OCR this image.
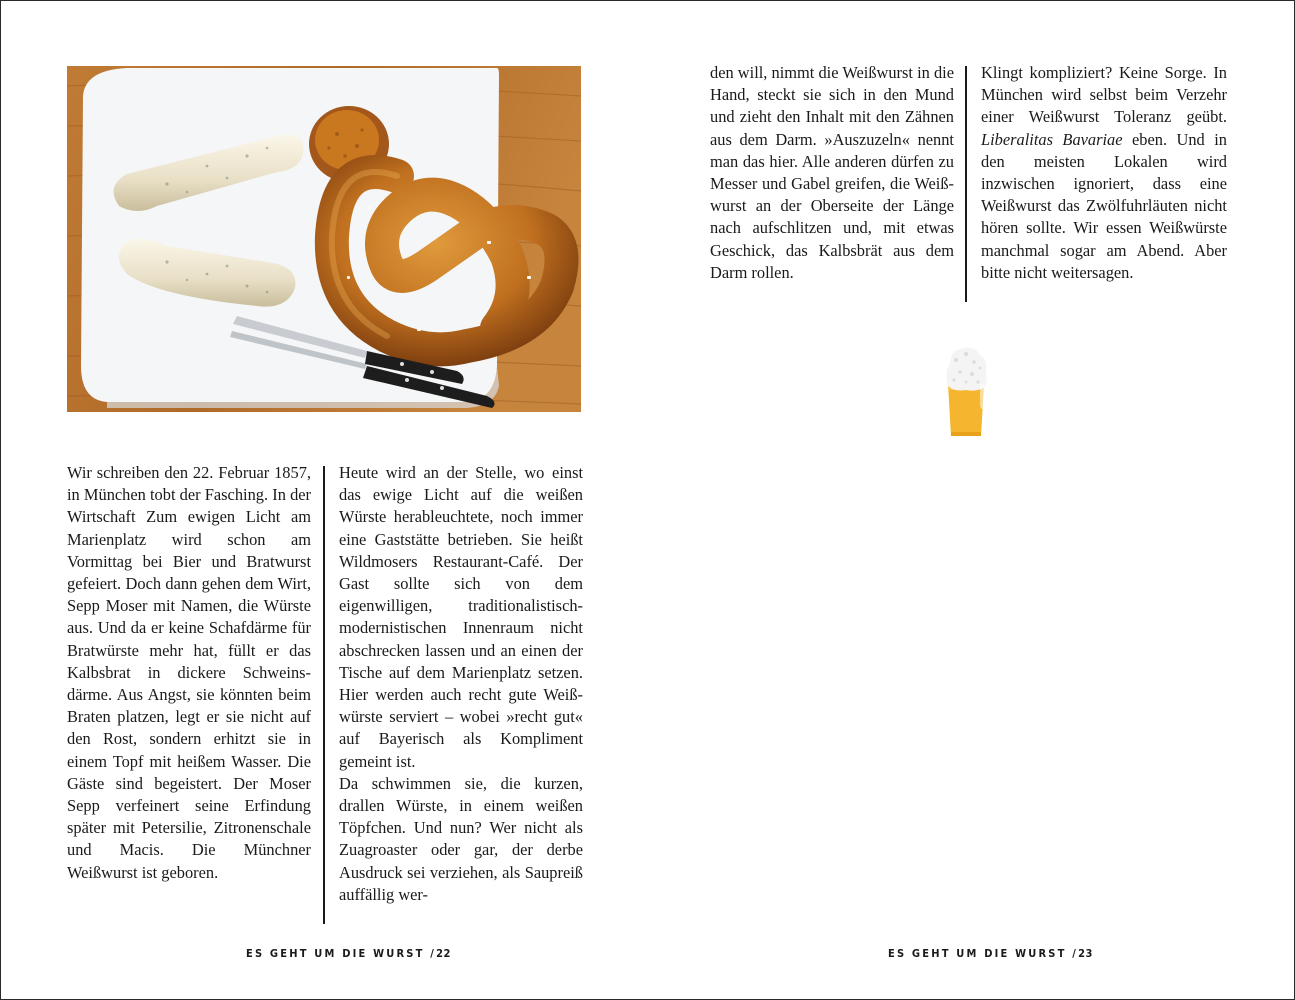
Wir schreiben den 22. Februar 1857, in München tobt der Fasching. In der Wirtschaft Zum ewigen Licht am Marienplatz wird schon am Vormittag bei Bier und Bratwurst gefeiert. Doch dann gehen dem Wirt, Sepp Moser mit Namen, die Würste aus. Und da er keine Schafdärme für Bratwürste mehr hat, füllt er das Kalbsbrat in dickere Schweinsdärme. Aus Angst, sie könnten beim Braten platzen, legt er sie nicht auf den Rost, sondern erhitzt sie in einem Topf mit heißem Wasser. Die Gäste sind begeistert. Der Moser Sepp verfeinert seine Erfindung später mit Petersilie, Zitronenschale und Macis. Die Münchner Weißwurst ist geboren.

Heute wird an der Stelle, wo einst das ewige Licht auf die weißen Würste herableuchtete, noch immer eine Gaststätte betrieben. Sie heißt Wildmosers Restaurant-Café. Der Gast sollte sich von dem eigenwilligen, traditionalistisch-modernistischen Innenraum nicht abschrecken lassen und an einen der Tische auf dem Marienplatz setzen. Hier werden auch recht gute Weißwürste serviert – wobei »recht gut« auf Bayerisch als Kompliment gemeint ist.

Da schwimmen sie, die kurzen, drallen Würste, in einem weißen Töpfchen. Und nun? Wer nicht als Zuagroaster oder gar, der derbe Ausdruck sei verziehen, als Saupreiß auffällig wer-

ES GEHT UM DIE WURST /22

den will, nimmt die Weißwurst in die Hand, steckt sie sich in den Mund und zieht den Inhalt mit den Zähnen aus dem Darm. »Auszuzeln« nennt man das hier. Alle anderen dürfen zu Messer und Gabel greifen, die Weißwurst an der Oberseite der Länge nach aufschlitzen und, mit etwas Geschick, das Kalbsbrät aus dem Darm rollen.

Klingt kompliziert? Keine Sorge. In München wird selbst beim Verzehr einer Weißwurst Toleranz geübt. Liberalitas Bavariae eben. Und in den meisten Lokalen wird inzwischen ignoriert, dass eine Weißwurst das Zwölfuhrläuten nicht hören sollte. Wir essen Weißwürste manchmal sogar am Abend. Aber bitte nicht weitersagen.

ES GEHT UM DIE WURST /23
